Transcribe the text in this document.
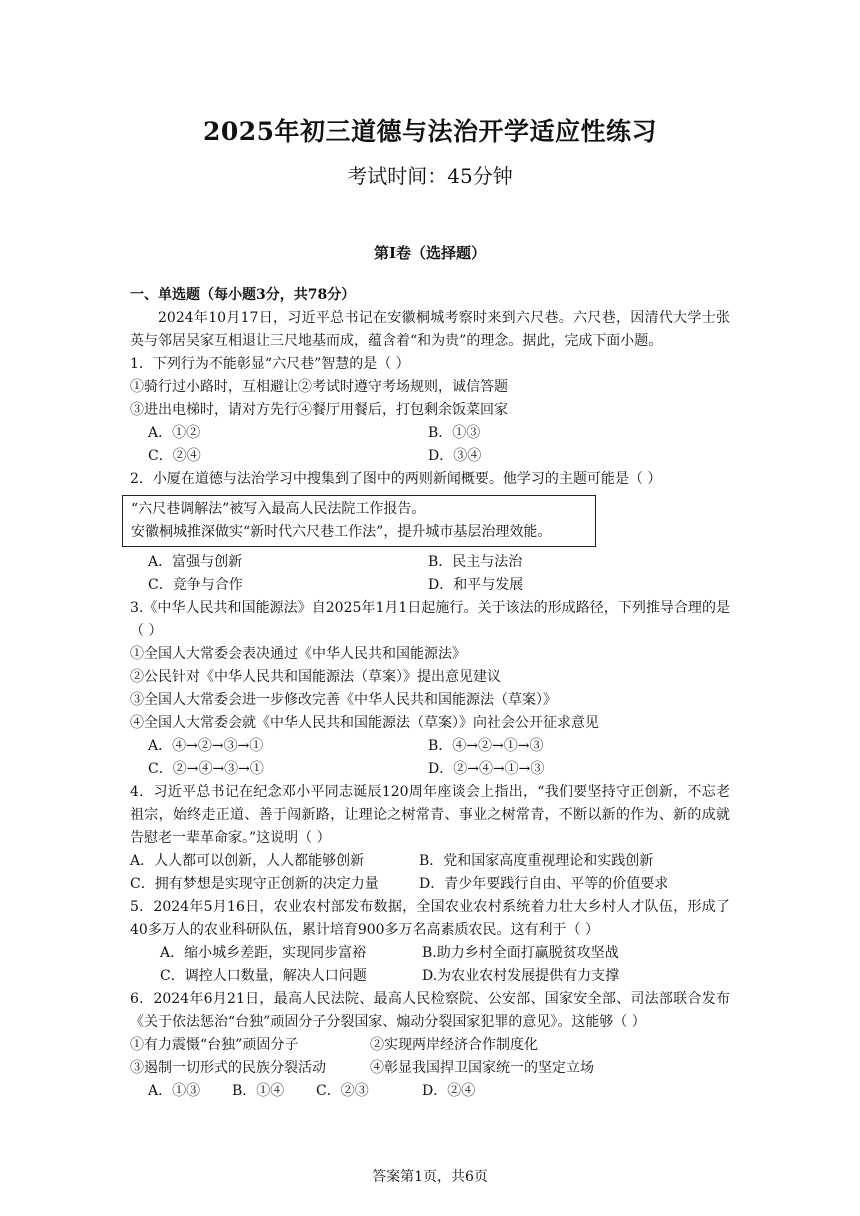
2025年初三道德与法治开学适应性练习
考试时间：45分钟
第Ⅰ卷（选择题）
一、单选题（每小题3分，共78分）
2024年10月17日，习近平总书记在安徽桐城考察时来到六尺巷。六尺巷，因清代大学士张英与邻居吴家互相退让三尺地基而成，蕴含着“和为贵”的理念。据此，完成下面小题。
1．下列行为不能彰显“六尺巷”智慧的是（ ）
①骑行过小路时，互相避让②考试时遵守考场规则，诚信答题
③进出电梯时，请对方先行④餐厅用餐后，打包剩余饭菜回家
A．①②	B．①③
C．②④	D．③④
2．小厦在道德与法治学习中搜集到了图中的两则新闻概要。他学习的主题可能是（ ）
“六尺巷调解法”被写入最高人民法院工作报告。
安徽桐城推深做实“新时代六尺巷工作法”，提升城市基层治理效能。
A．富强与创新	B．民主与法治
C．竞争与合作	D．和平与发展
3.《中华人民共和国能源法》自2025年1月1日起施行。关于该法的形成路径，下列推导合理的是（ ）
①全国人大常委会表决通过《中华人民共和国能源法》
②公民针对《中华人民共和国能源法（草案）》提出意见建议
③全国人大常委会进一步修改完善《中华人民共和国能源法（草案）》
④全国人大常委会就《中华人民共和国能源法（草案）》向社会公开征求意见
A．④→②→③→①	B．④→②→①→③
C．②→④→③→①	D．②→④→①→③
4．习近平总书记在纪念邓小平同志诞辰120周年座谈会上指出，“我们要坚持守正创新，不忘老祖宗，始终走正道、善于闯新路，让理论之树常青、事业之树常青，不断以新的作为、新的成就告慰老一辈革命家。”这说明（ ）
A．人人都可以创新，人人都能够创新	B．党和国家高度重视理论和实践创新
C．拥有梦想是实现守正创新的决定力量	D．青少年要践行自由、平等的价值要求
5．2024年5月16日，农业农村部发布数据，全国农业农村系统着力壮大乡村人才队伍，形成了40多万人的农业科研队伍，累计培育900多万名高素质农民。这有利于（ ）
A．缩小城乡差距，实现同步富裕	B.助力乡村全面打赢脱贫攻坚战
C．调控人口数量，解决人口问题	D.为农业农村发展提供有力支撑
6．2024年6月21日，最高人民法院、最高人民检察院、公安部、国家安全部、司法部联合发布《关于依法惩治“台独”顽固分子分裂国家、煽动分裂国家犯罪的意见》。这能够（ ）
①有力震慑“台独”顽固分子	②实现两岸经济合作制度化
③遏制一切形式的民族分裂活动	④彰显我国捍卫国家统一的坚定立场
A．①③	B．①④	C．②③	D．②④
答案第1页，共6页
